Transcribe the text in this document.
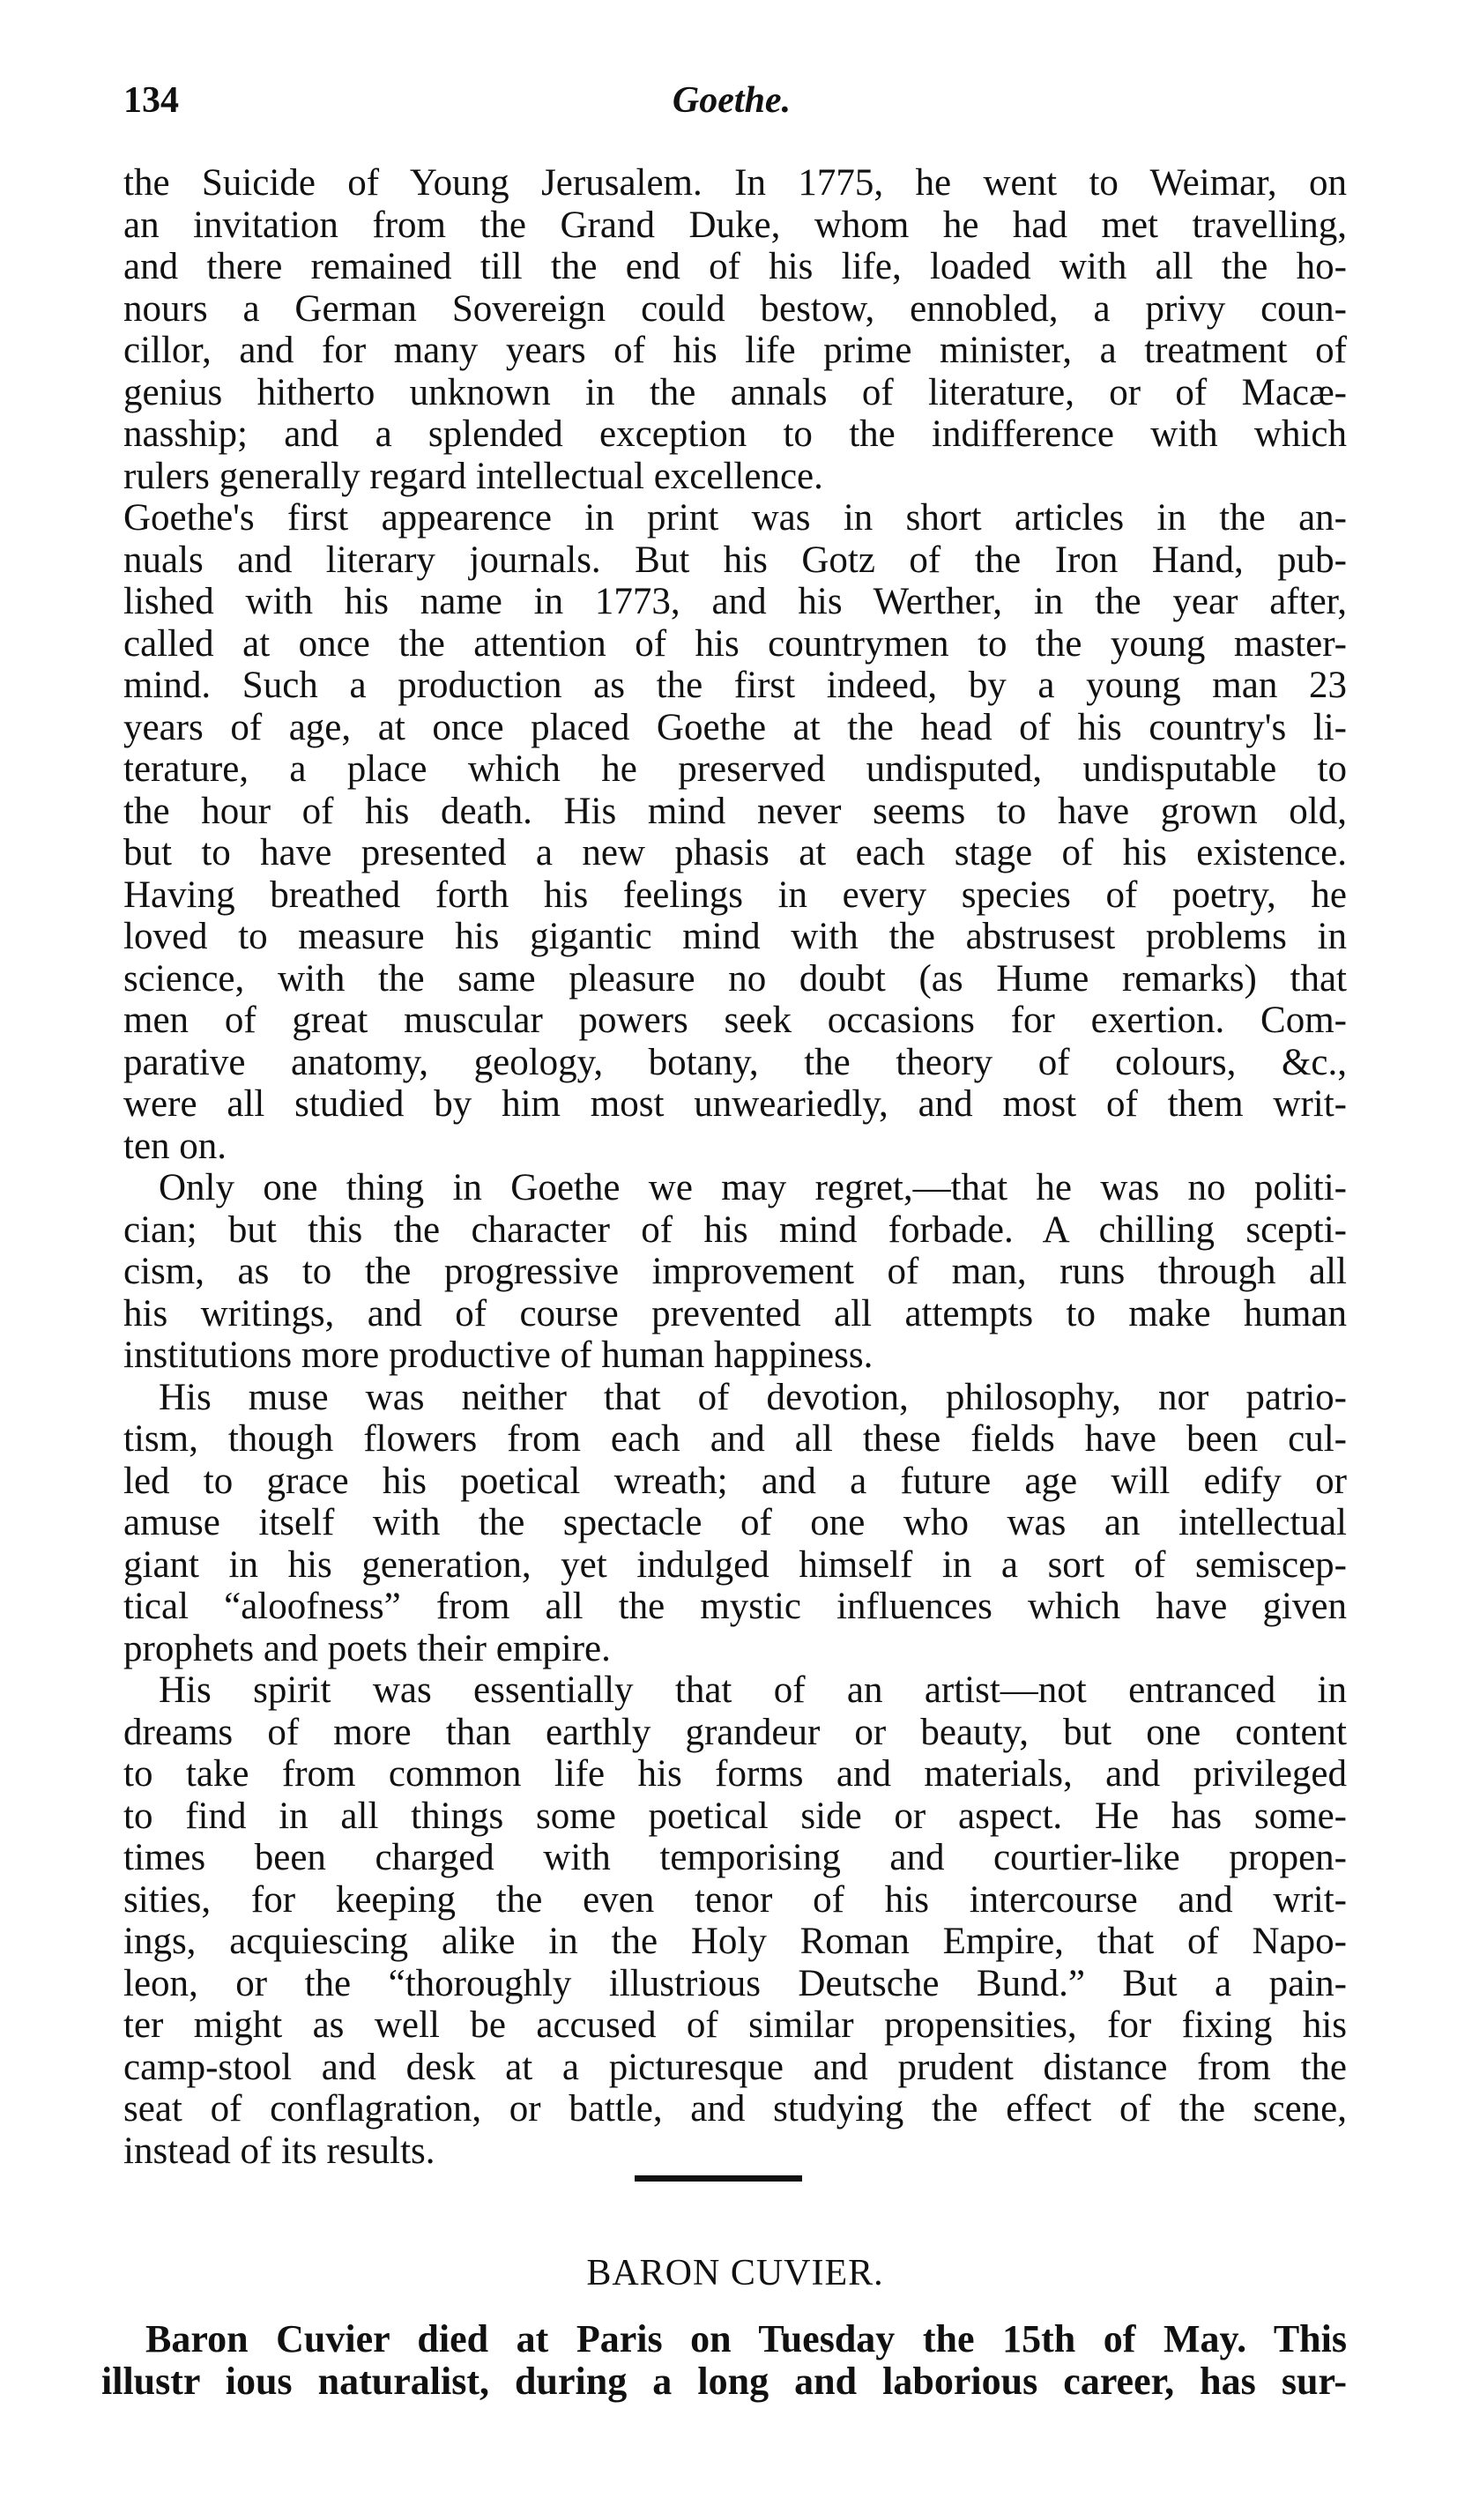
134	Goethe.
the Suicide of Young Jerusalem. In 1775, he went to Weimar, on
an invitation from the Grand Duke, whom he had met travelling,
and there remained till the end of his life, loaded with all the ho-
nours a German Sovereign could bestow, ennobled, a privy coun-
cillor, and for many years of his life prime minister, a treatment of
genius hitherto unknown in the annals of literature, or of Macæ-
nasship; and a splended exception to the indifference with which
rulers generally regard intellectual excellence.
Goethe's first appearence in print was in short articles in the an-
nuals and literary journals. But his Gotz of the Iron Hand, pub-
lished with his name in 1773, and his Werther, in the year after,
called at once the attention of his countrymen to the young master-
mind. Such a production as the first indeed, by a young man 23
years of age, at once placed Goethe at the head of his country's li-
terature, a place which he preserved undisputed, undisputable to
the hour of his death. His mind never seems to have grown old,
but to have presented a new phasis at each stage of his existence.
Having breathed forth his feelings in every species of poetry, he
loved to measure his gigantic mind with the abstrusest problems in
science, with the same pleasure no doubt (as Hume remarks) that
men of great muscular powers seek occasions for exertion. Com-
parative anatomy, geology, botany, the theory of colours, &c.,
were all studied by him most unweariedly, and most of them writ-
ten on.
Only one thing in Goethe we may regret,—that he was no politi-
cian; but this the character of his mind forbade. A chilling scepti-
cism, as to the progressive improvement of man, runs through all
his writings, and of course prevented all attempts to make human
institutions more productive of human happiness.
His muse was neither that of devotion, philosophy, nor patrio-
tism, though flowers from each and all these fields have been cul-
led to grace his poetical wreath; and a future age will edify or
amuse itself with the spectacle of one who was an intellectual
giant in his generation, yet indulged himself in a sort of semiscep-
tical “aloofness” from all the mystic influences which have given
prophets and poets their empire.
His spirit was essentially that of an artist—not entranced in
dreams of more than earthly grandeur or beauty, but one content
to take from common life his forms and materials, and privileged
to find in all things some poetical side or aspect. He has some-
times been charged with temporising and courtier-like propen-
sities, for keeping the even tenor of his intercourse and writ-
ings, acquiescing alike in the Holy Roman Empire, that of Napo-
leon, or the “thoroughly illustrious Deutsche Bund.” But a pain-
ter might as well be accused of similar propensities, for fixing his
camp-stool and desk at a picturesque and prudent distance from the
seat of conflagration, or battle, and studying the effect of the scene,
instead of its results.
BARON CUVIER.
Baron Cuvier died at Paris on Tuesday the 15th of May. This
illustr ious naturalist, during a long and laborious career, has sur-
